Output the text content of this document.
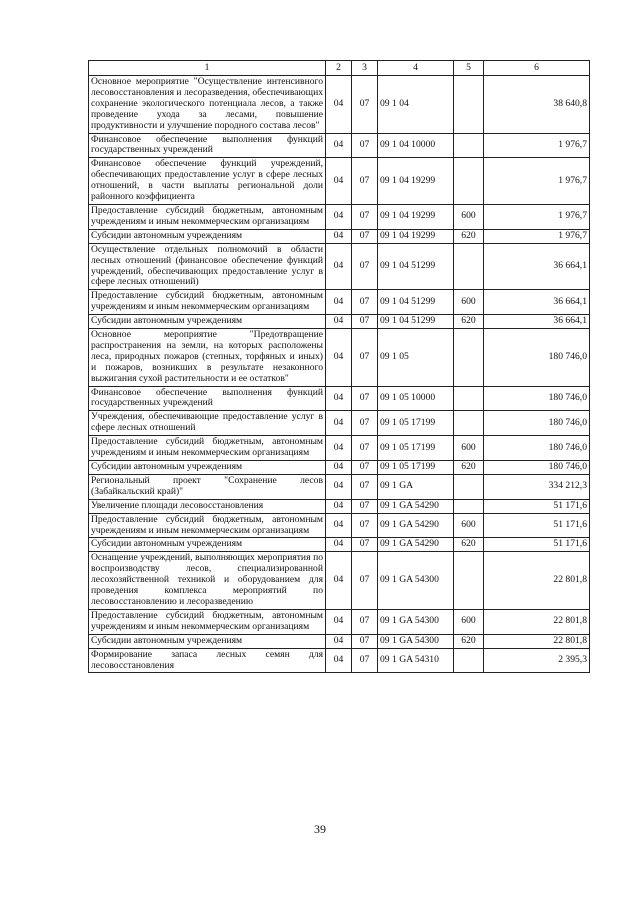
1	2	3	4	5	6
Основное мероприятие "Осуществление интенсивного лесовосстановления и лесоразведения, обеспечивающих сохранение экологического потенциала лесов, а также проведение ухода за лесами, повышение продуктивности и улучшение породного состава лесов"	04	07	09 1 04		38 640,8
Финансовое обеспечение выполнения функций государственных учреждений	04	07	09 1 04 10000		1 976,7
Финансовое обеспечение функций учреждений, обеспечивающих предоставление услуг в сфере лесных отношений, в части выплаты региональной доли районного коэффициента	04	07	09 1 04 19299		1 976,7
Предоставление субсидий бюджетным, автономным учреждениям и иным некоммерческим организациям	04	07	09 1 04 19299	600	1 976,7
Субсидии автономным учреждениям	04	07	09 1 04 19299	620	1 976,7
Осуществление отдельных полномочий в области лесных отношений (финансовое обеспечение функций учреждений, обеспечивающих предоставление услуг в сфере лесных отношений)	04	07	09 1 04 51299		36 664,1
Предоставление субсидий бюджетным, автономным учреждениям и иным некоммерческим организациям	04	07	09 1 04 51299	600	36 664,1
Субсидии автономным учреждениям	04	07	09 1 04 51299	620	36 664,1
Основное мероприятие "Предотвращение распространения на земли, на которых расположены леса, природных пожаров (степных, торфяных и иных) и пожаров, возникших в результате незаконного выжигания сухой растительности и ее остатков"	04	07	09 1 05		180 746,0
Финансовое обеспечение выполнения функций государственных учреждений	04	07	09 1 05 10000		180 746,0
Учреждения, обеспечивающие предоставление услуг в сфере лесных отношений	04	07	09 1 05 17199		180 746,0
Предоставление субсидий бюджетным, автономным учреждениям и иным некоммерческим организациям	04	07	09 1 05 17199	600	180 746,0
Субсидии автономным учреждениям	04	07	09 1 05 17199	620	180 746,0
Региональный проект "Сохранение лесов (Забайкальский край)"	04	07	09 1 GA		334 212,3
Увеличение площади лесовосстановления	04	07	09 1 GA 54290		51 171,6
Предоставление субсидий бюджетным, автономным учреждениям и иным некоммерческим организациям	04	07	09 1 GA 54290	600	51 171,6
Субсидии автономным учреждениям	04	07	09 1 GA 54290	620	51 171,6
Оснащение учреждений, выполняющих мероприятия по воспроизводству лесов, специализированной лесохозяйственной техникой и оборудованием для проведения комплекса мероприятий по лесовосстановлению и лесоразведению	04	07	09 1 GA 54300		22 801,8
Предоставление субсидий бюджетным, автономным учреждениям и иным некоммерческим организациям	04	07	09 1 GA 54300	600	22 801,8
Субсидии автономным учреждениям	04	07	09 1 GA 54300	620	22 801,8
Формирование запаса лесных семян для лесовосстановления	04	07	09 1 GA 54310		2 395,3
39
